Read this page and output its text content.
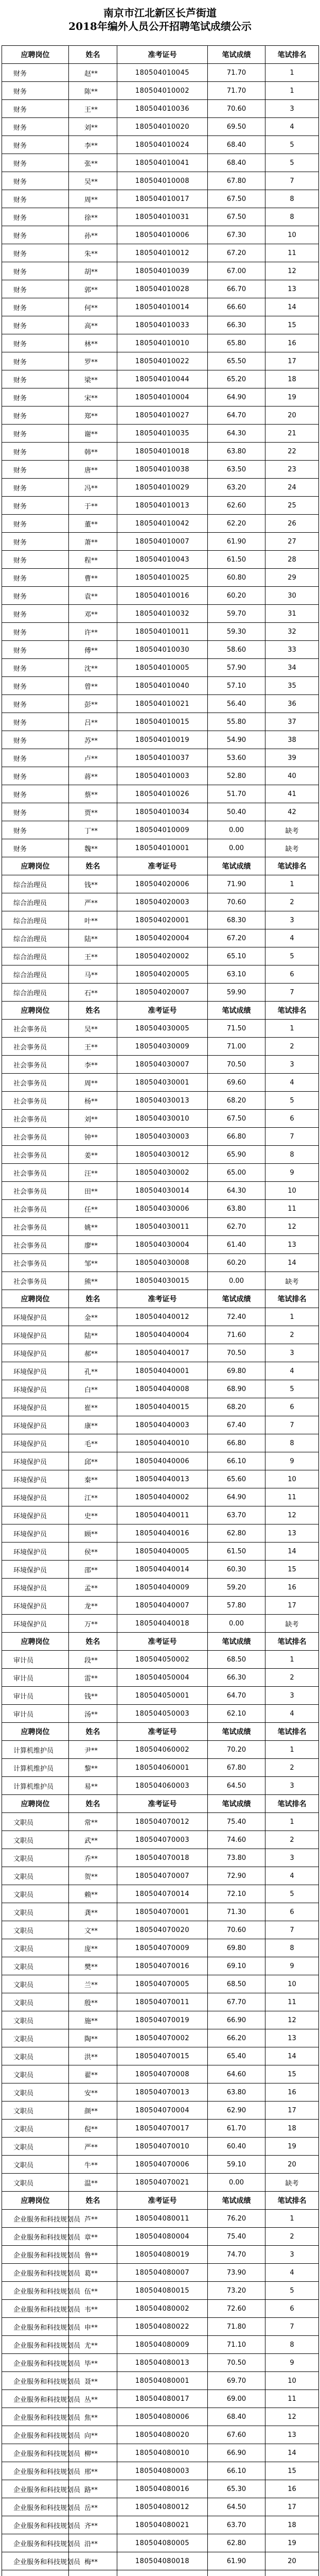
南京市江北新区长芦街道

2018年编外人员公开招聘笔试成绩公示

应聘岗位	姓名	准考证号	笔试成绩	笔试排名
财务	赵**	180504010045	71.70	1
财务	陈**	180504010002	71.70	1
财务	王**	180504010036	70.60	3
财务	刘**	180504010020	69.50	4
财务	李**	180504010024	68.40	5
财务	张**	180504010041	68.40	5
财务	吴**	180504010008	67.80	7
财务	周**	180504010017	67.50	8
财务	徐**	180504010031	67.50	8
财务	孙**	180504010006	67.30	10
财务	朱**	180504010012	67.20	11
财务	胡**	180504010039	67.00	12
财务	郭**	180504010028	66.70	13
财务	何**	180504010014	66.60	14
财务	高**	180504010033	66.30	15
财务	林**	180504010010	65.80	16
财务	罗**	180504010022	65.50	17
财务	梁**	180504010044	65.20	18
财务	宋**	180504010004	64.90	19
财务	郑**	180504010027	64.70	20
财务	谢**	180504010035	64.30	21
财务	韩**	180504010018	63.80	22
财务	唐**	180504010038	63.50	23
财务	冯**	180504010029	63.20	24
财务	于**	180504010013	62.60	25
财务	董**	180504010042	62.20	26
财务	萧**	180504010007	61.90	27
财务	程**	180504010043	61.50	28
财务	曹**	180504010025	60.80	29
财务	袁**	180504010016	60.20	30
财务	邓**	180504010032	59.70	31
财务	许**	180504010011	59.30	32
财务	傅**	180504010030	58.60	33
财务	沈**	180504010005	57.90	34
财务	曾**	180504010040	57.10	35
财务	彭**	180504010021	56.40	36
财务	吕**	180504010015	55.80	37
财务	苏**	180504010019	54.90	38
财务	卢**	180504010037	53.60	39
财务	蒋**	180504010003	52.80	40
财务	蔡**	180504010026	51.70	41
财务	贾**	180504010034	50.40	42
财务	丁**	180504010009	0.00	缺考
财务	魏**	180504010001	0.00	缺考
应聘岗位	姓名	准考证号	笔试成绩	笔试排名
综合治理员	钱**	180504020006	71.90	1
综合治理员	严**	180504020003	70.60	2
综合治理员	叶**	180504020001	68.30	3
综合治理员	陆**	180504020004	67.20	4
综合治理员	王**	180504020002	65.10	5
综合治理员	马**	180504020005	63.10	6
综合治理员	石**	180504020007	59.90	7
应聘岗位	姓名	准考证号	笔试成绩	笔试排名
社会事务员	吴**	180504030005	71.50	1
社会事务员	王**	180504030009	71.00	2
社会事务员	李**	180504030007	70.50	3
社会事务员	周**	180504030001	69.60	4
社会事务员	杨**	180504030013	68.20	5
社会事务员	刘**	180504030010	67.50	6
社会事务员	钟**	180504030003	66.80	7
社会事务员	姜**	180504030012	65.90	8
社会事务员	汪**	180504030002	65.00	9
社会事务员	田**	180504030014	64.30	10
社会事务员	任**	180504030006	63.80	11
社会事务员	姚**	180504030011	62.70	12
社会事务员	廖**	180504030004	61.40	13
社会事务员	邹**	180504030008	60.20	14
社会事务员	熊**	180504030015	0.00	缺考
应聘岗位	姓名	准考证号	笔试成绩	笔试排名
环境保护员	金**	180504040012	72.40	1
环境保护员	陆**	180504040004	71.60	2
环境保护员	郝**	180504040017	70.50	3
环境保护员	孔**	180504040001	69.80	4
环境保护员	白**	180504040008	68.90	5
环境保护员	崔**	180504040015	68.20	6
环境保护员	康**	180504040003	67.40	7
环境保护员	毛**	180504040010	66.80	8
环境保护员	邱**	180504040006	66.10	9
环境保护员	秦**	180504040013	65.60	10
环境保护员	江**	180504040002	64.90	11
环境保护员	史**	180504040011	63.70	12
环境保护员	顾**	180504040016	62.80	13
环境保护员	侯**	180504040005	61.50	14
环境保护员	邵**	180504040014	60.30	15
环境保护员	孟**	180504040009	59.20	16
环境保护员	龙**	180504040007	57.80	17
环境保护员	万**	180504040018	0.00	缺考
应聘岗位	姓名	准考证号	笔试成绩	笔试排名
审计员	段**	180504050002	68.50	1
审计员	雷**	180504050004	66.30	2
审计员	钱**	180504050001	64.70	3
审计员	汤**	180504050003	62.10	4
应聘岗位	姓名	准考证号	笔试成绩	笔试排名
计算机维护员	尹**	180504060002	70.20	1
计算机维护员	黎**	180504060001	67.80	2
计算机维护员	易**	180504060003	64.50	3
应聘岗位	姓名	准考证号	笔试成绩	笔试排名
文职员	常**	180504070012	75.40	1
文职员	武**	180504070003	74.60	2
文职员	乔**	180504070018	73.80	3
文职员	贺**	180504070007	72.90	4
文职员	赖**	180504070014	72.10	5
文职员	龚**	180504070001	71.30	6
文职员	文**	180504070020	70.60	7
文职员	庞**	180504070009	69.80	8
文职员	樊**	180504070016	69.10	9
文职员	兰**	180504070005	68.50	10
文职员	殷**	180504070011	67.70	11
文职员	施**	180504070019	66.90	12
文职员	陶**	180504070002	66.20	13
文职员	洪**	180504070015	65.40	14
文职员	翟**	180504070008	64.60	15
文职员	安**	180504070013	63.80	16
文职员	颜**	180504070004	62.90	17
文职员	倪**	180504070017	61.70	18
文职员	严**	180504070010	60.40	19
文职员	牛**	180504070006	59.10	20
文职员	温**	180504070021	0.00	缺考
应聘岗位	姓名	准考证号	笔试成绩	笔试排名
企业服务和科技规划员	芦**	180504080011	76.20	1
企业服务和科技规划员	章**	180504080004	75.40	2
企业服务和科技规划员	鲁**	180504080019	74.70	3
企业服务和科技规划员	葛**	180504080007	73.90	4
企业服务和科技规划员	伍**	180504080015	73.20	5
企业服务和科技规划员	韦**	180504080002	72.60	6
企业服务和科技规划员	申**	180504080022	71.80	7
企业服务和科技规划员	尤**	180504080009	71.10	8
企业服务和科技规划员	毕**	180504080013	70.50	9
企业服务和科技规划员	聂**	180504080001	69.70	10
企业服务和科技规划员	丛**	180504080017	69.00	11
企业服务和科技规划员	焦**	180504080006	68.40	12
企业服务和科技规划员	向**	180504080020	67.60	13
企业服务和科技规划员	柳**	180504080010	66.90	14
企业服务和科技规划员	邢**	180504080003	66.10	15
企业服务和科技规划员	路**	180504080016	65.30	16
企业服务和科技规划员	岳**	180504080012	64.50	17
企业服务和科技规划员	齐**	180504080021	63.70	18
企业服务和科技规划员	沿**	180504080005	62.80	19
企业服务和科技规划员	梅**	180504080018	61.90	20
